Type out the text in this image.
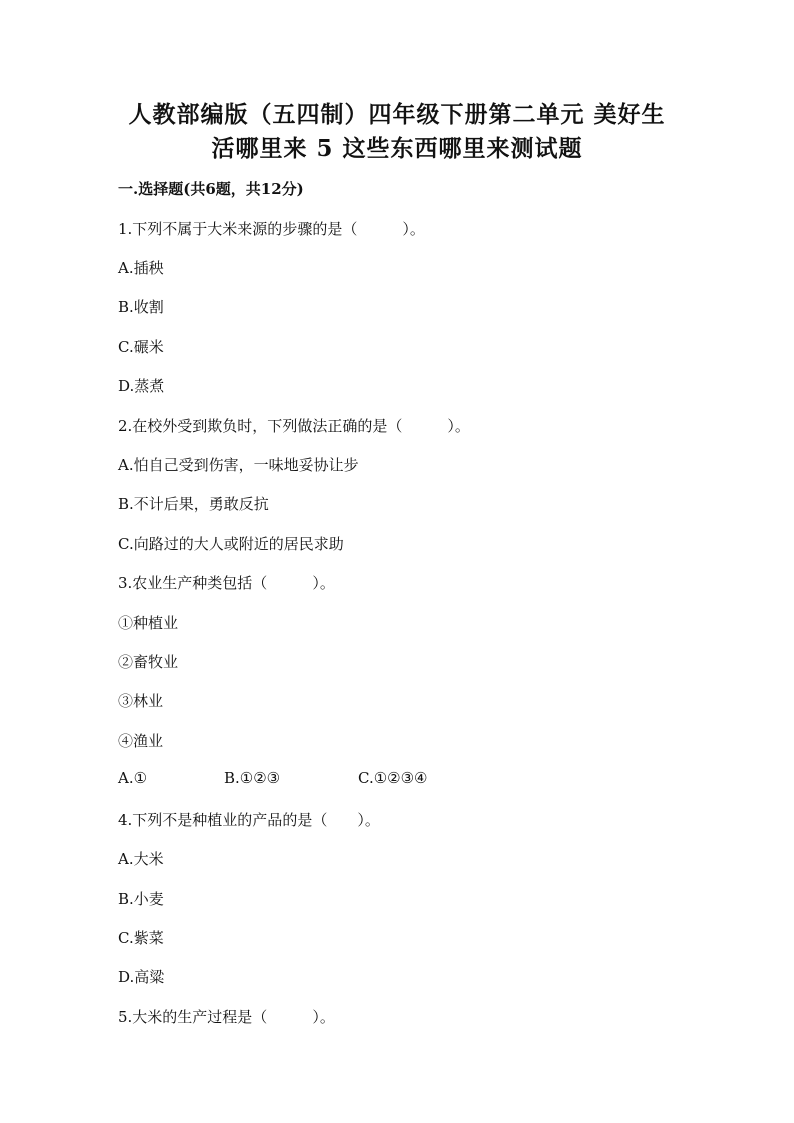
人教部编版（五四制）四年级下册第二单元 美好生
活哪里来 5 这些东西哪里来测试题
一.选择题(共6题，共12分)
1.下列不属于大米来源的步骤的是（　　　）。
A.插秧
B.收割
C.碾米
D.蒸煮
2.在校外受到欺负时，下列做法正确的是（　　　）。
A.怕自己受到伤害，一味地妥协让步
B.不计后果，勇敢反抗
C.向路过的大人或附近的居民求助
3.农业生产种类包括（　　　）。
①种植业
②畜牧业
③林业
④渔业
A.①	B.①②③	C.①②③④
4.下列不是种植业的产品的是（　　）。
A.大米
B.小麦
C.紫菜
D.高粱
5.大米的生产过程是（　　　）。
